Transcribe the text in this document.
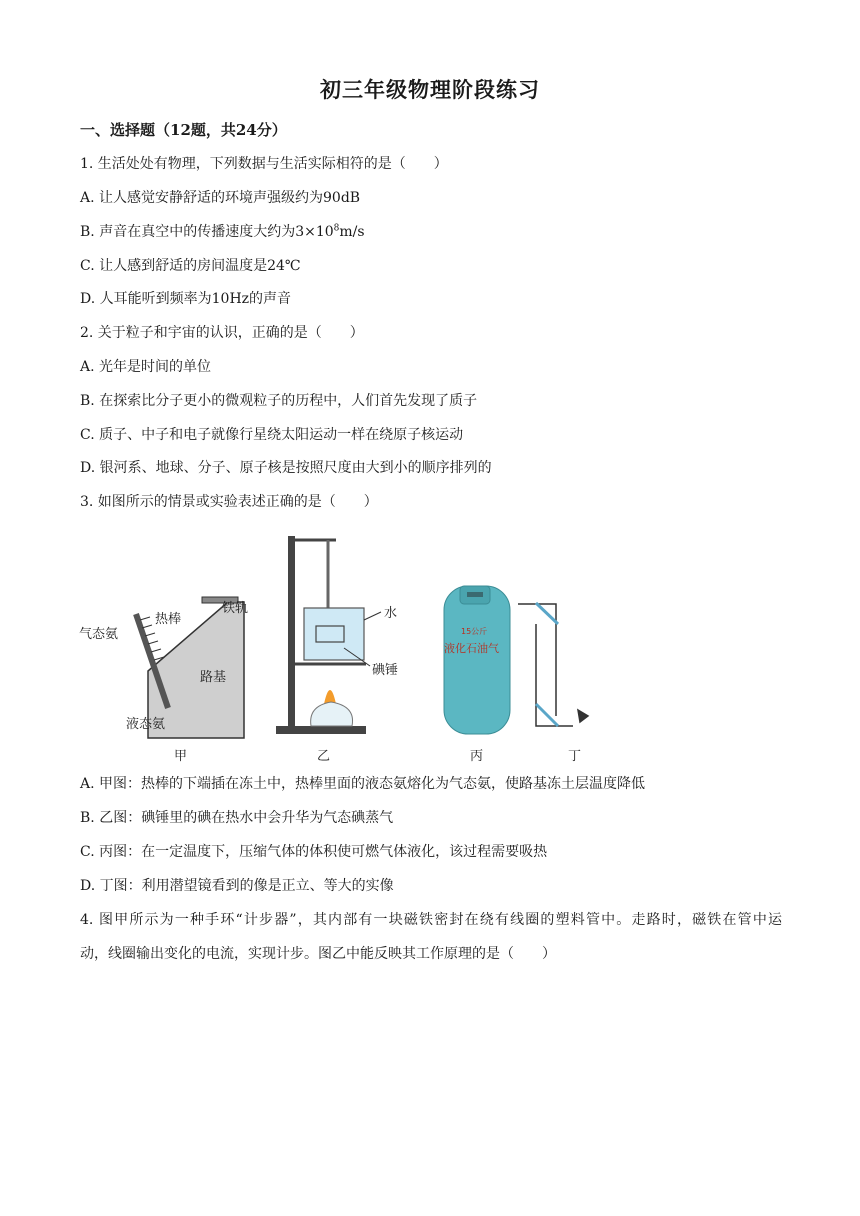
初三年级物理阶段练习
一、选择题（12题，共24分）
1. 生活处处有物理，下列数据与生活实际相符的是（　　）
A. 让人感觉安静舒适的环境声强级约为90dB
B. 声音在真空中的传播速度大约为$3\times 10^8m/s$
C. 让人感到舒适的房间温度是24℃
D. 人耳能听到频率为10Hz的声音
2. 关于粒子和宇宙的认识，正确的是（　　）
A. 光年是时间的单位
B. 在探索比分子更小的微观粒子的历程中，人们首先发现了质子
C. 质子、中子和电子就像行星绕太阳运动一样在绕原子核运动
D. 银河系、地球、分子、原子核是按照尺度由大到小的顺序排列的
3. 如图所示的情景或实验表述正确的是（　　）
热棒
铁轨
气态氨
路基
液态氨
甲
水
碘锤
乙
15公斤
液化石油气
丙	丁
A. 甲图：热棒的下端插在冻土中，热棒里面的液态氨熔化为气态氨，使路基冻土层温度降低
B. 乙图：碘锤里的碘在热水中会升华为气态碘蒸气
C. 丙图：在一定温度下，压缩气体的体积使可燃气体液化，该过程需要吸热
D. 丁图：利用潜望镜看到的像是正立、等大的实像
4. 图甲所示为一种手环“计步器”，其内部有一块磁铁密封在绕有线圈的塑料管中。走路时，磁铁在管中运
动，线圈输出变化的电流，实现计步。图乙中能反映其工作原理的是（　　）
